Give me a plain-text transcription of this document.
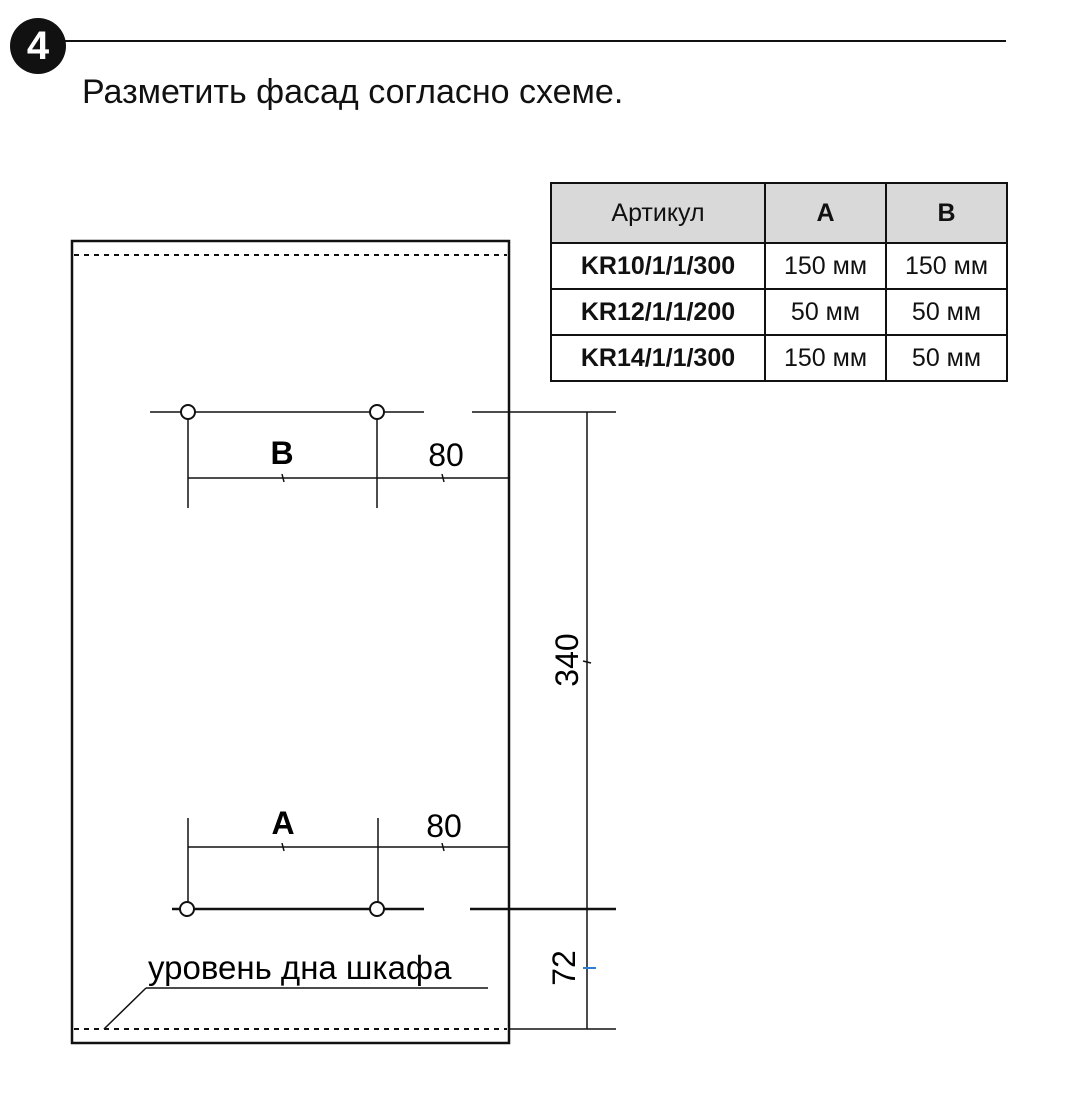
4
Разметить фасад согласно схеме.
Артикул	A	B
KR10/1/1/300	150 мм	150 мм
KR12/1/1/200	50 мм	50 мм
KR14/1/1/300	150 мм	50 мм
B	80
A	80
340
72
уровень дна шкафа
